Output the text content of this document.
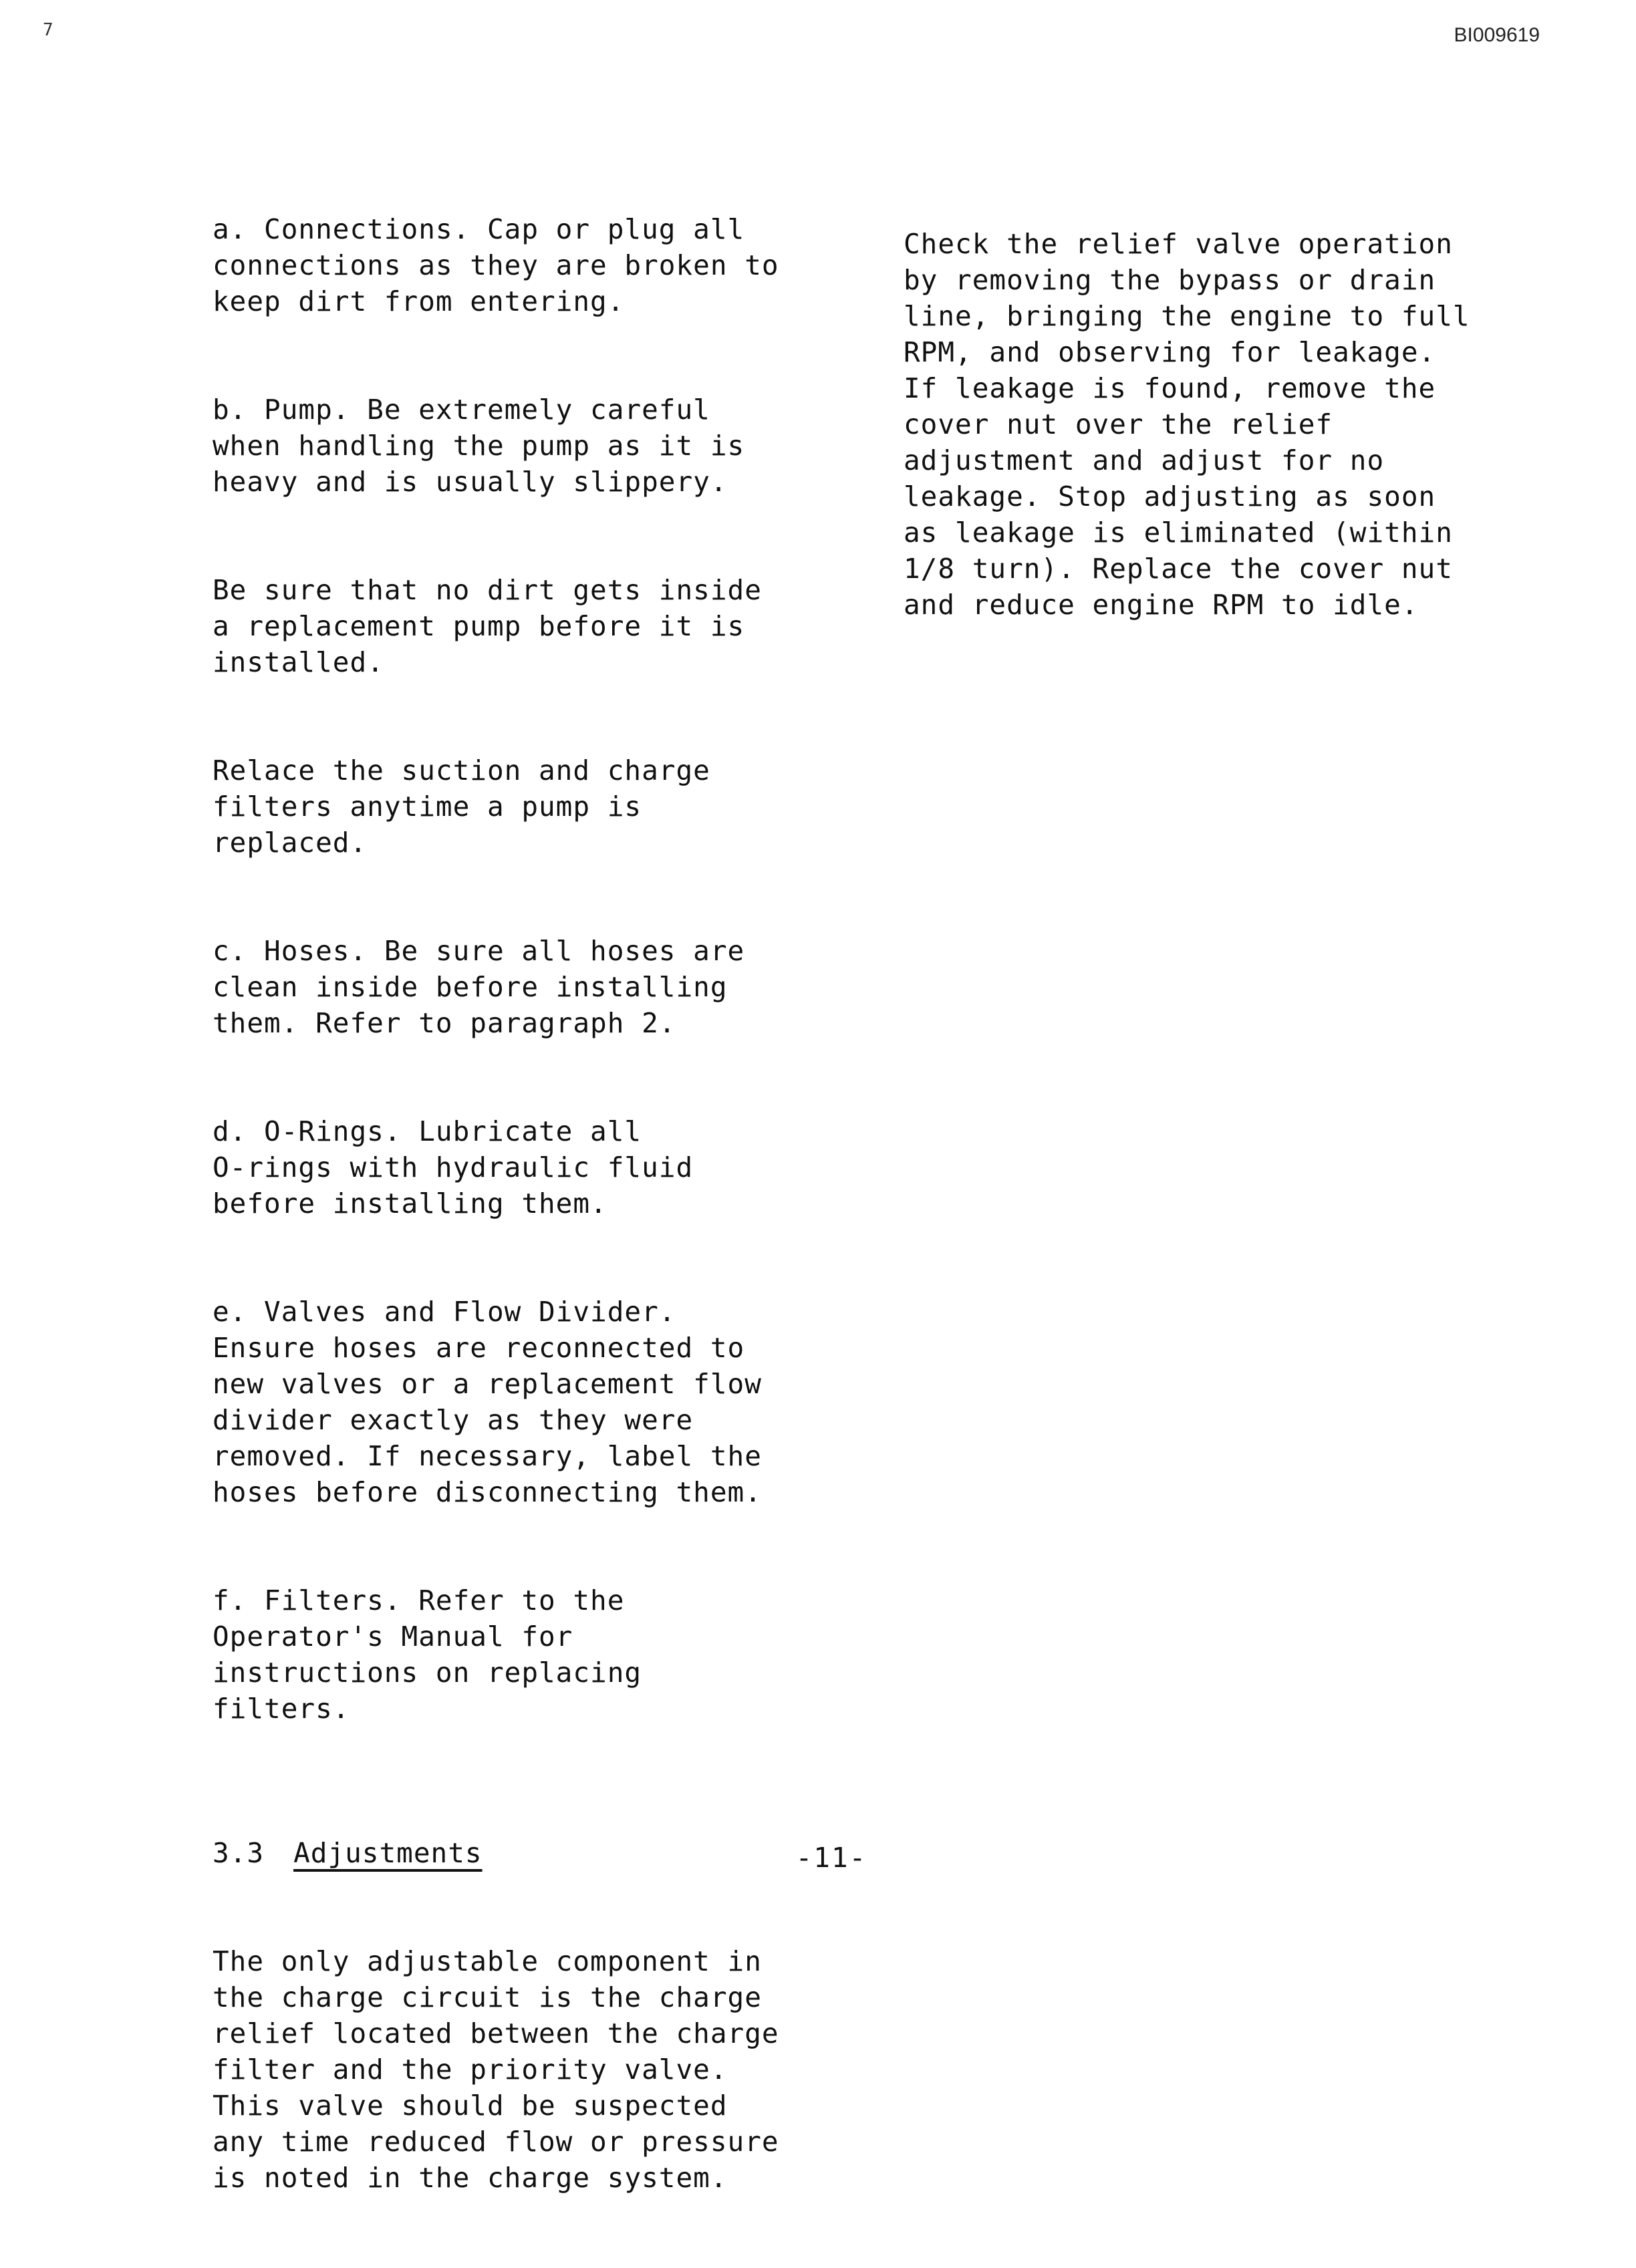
7	BI009619

a. Connections. Cap or plug all
connections as they are broken to
keep dirt from entering.

b. Pump. Be extremely careful
when handling the pump as it is
heavy and is usually slippery.

Be sure that no dirt gets inside
a replacement pump before it is
installed.

Relace the suction and charge
filters anytime a pump is
replaced.

c. Hoses. Be sure all hoses are
clean inside before installing
them. Refer to paragraph 2.

d. O-Rings. Lubricate all
O-rings with hydraulic fluid
before installing them.

e. Valves and Flow Divider.
Ensure hoses are reconnected to
new valves or a replacement flow
divider exactly as they were
removed. If necessary, label the
hoses before disconnecting them.

f. Filters. Refer to the
Operator's Manual for
instructions on replacing
filters.

3.3 Adjustments

The only adjustable component in
the charge circuit is the charge
relief located between the charge
filter and the priority valve.
This valve should be suspected
any time reduced flow or pressure
is noted in the charge system.

Check the relief valve operation
by removing the bypass or drain
line, bringing the engine to full
RPM, and observing for leakage.
If leakage is found, remove the
cover nut over the relief
adjustment and adjust for no
leakage. Stop adjusting as soon
as leakage is eliminated (within
1/8 turn). Replace the cover nut
and reduce engine RPM to idle.

-11-
